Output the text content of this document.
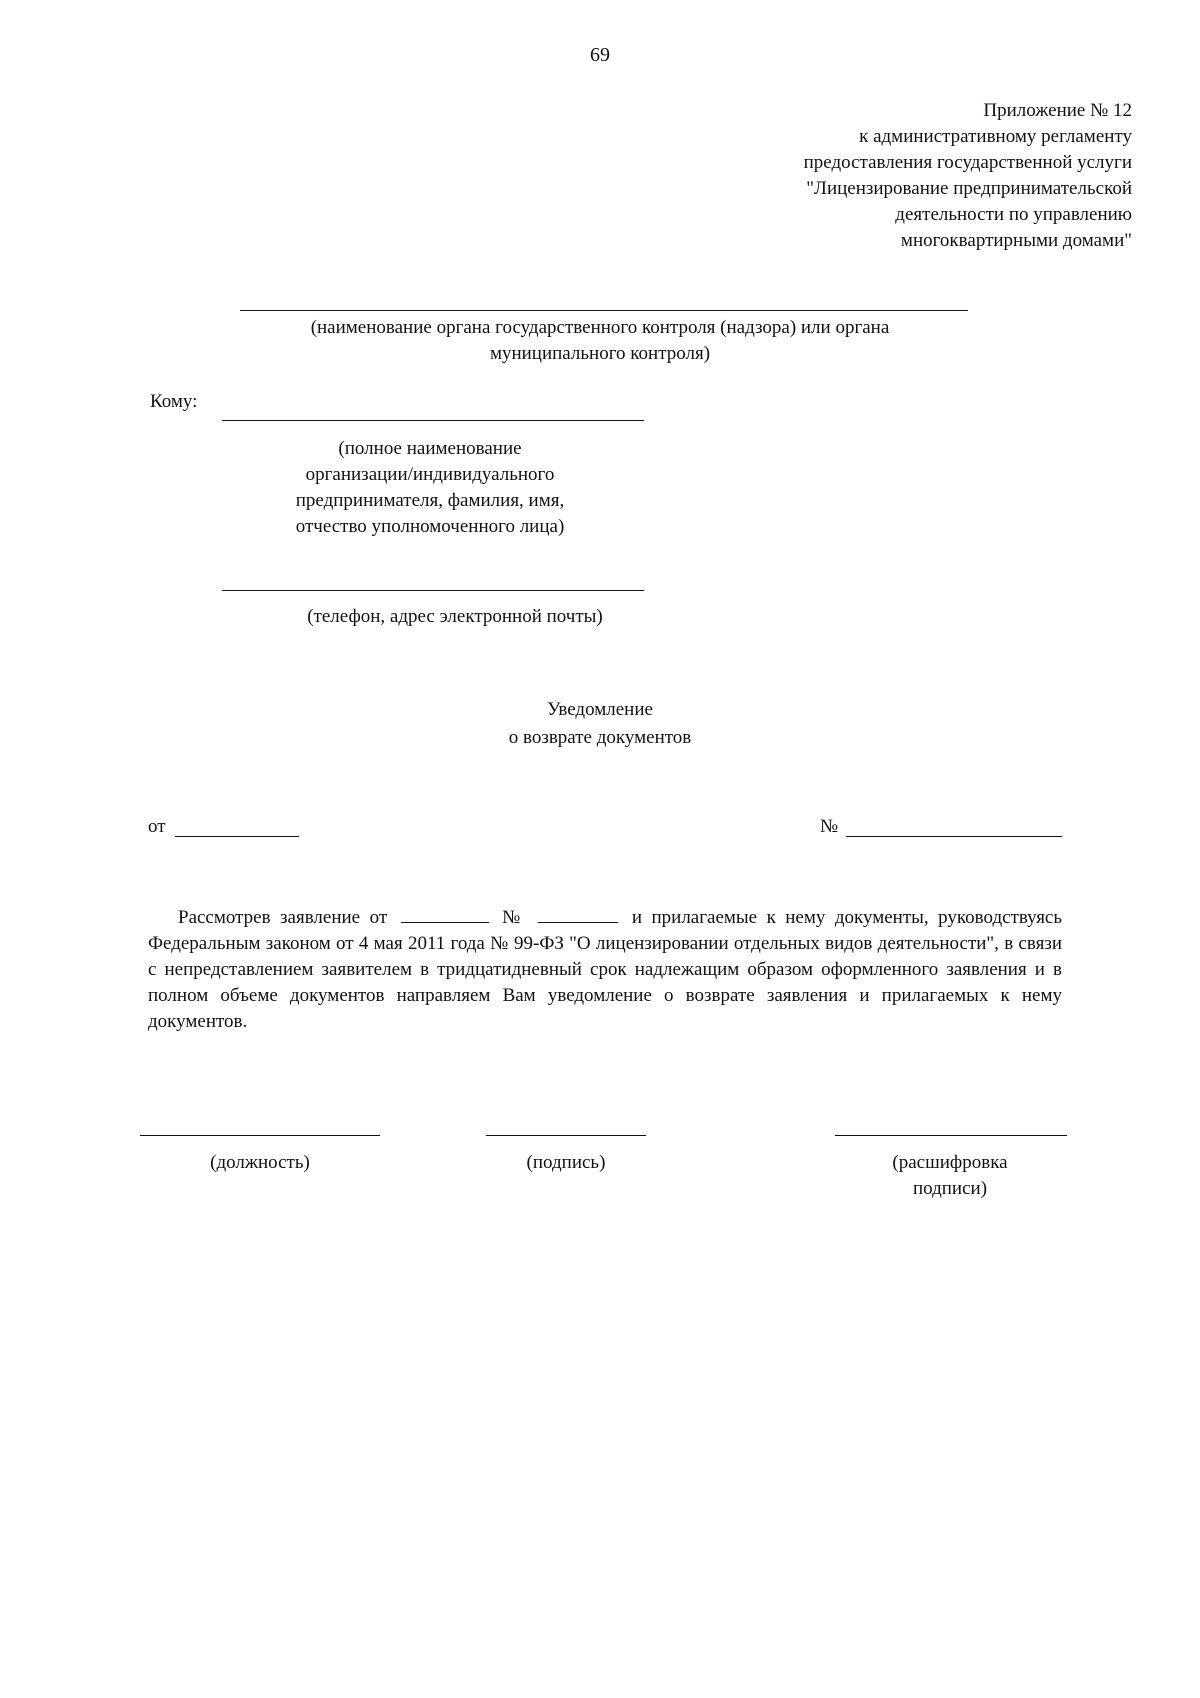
69
Приложение № 12
к административному регламенту
предоставления государственной услуги
"Лицензирование предпринимательской
деятельности по управлению
многоквартирными домами"
(наименование органа государственного контроля (надзора) или органа
муниципального контроля)
Кому:
(полное наименование
организации/индивидуального
предпринимателя, фамилия, имя,
отчество уполномоченного лица)
(телефон, адрес электронной почты)
Уведомление
о возврате документов
от	№
Рассмотрев заявление от	№	и прилагаемые к нему документы, руководствуясь Федеральным законом от 4 мая 2011 года № 99-ФЗ "О лицензировании отдельных видов деятельности", в связи с непредставлением заявителем в тридцатидневный срок надлежащим образом оформленного заявления и в полном объеме документов направляем Вам уведомление о возврате заявления и прилагаемых к нему документов.
(должность)	(подпись)	(расшифровка
подписи)
